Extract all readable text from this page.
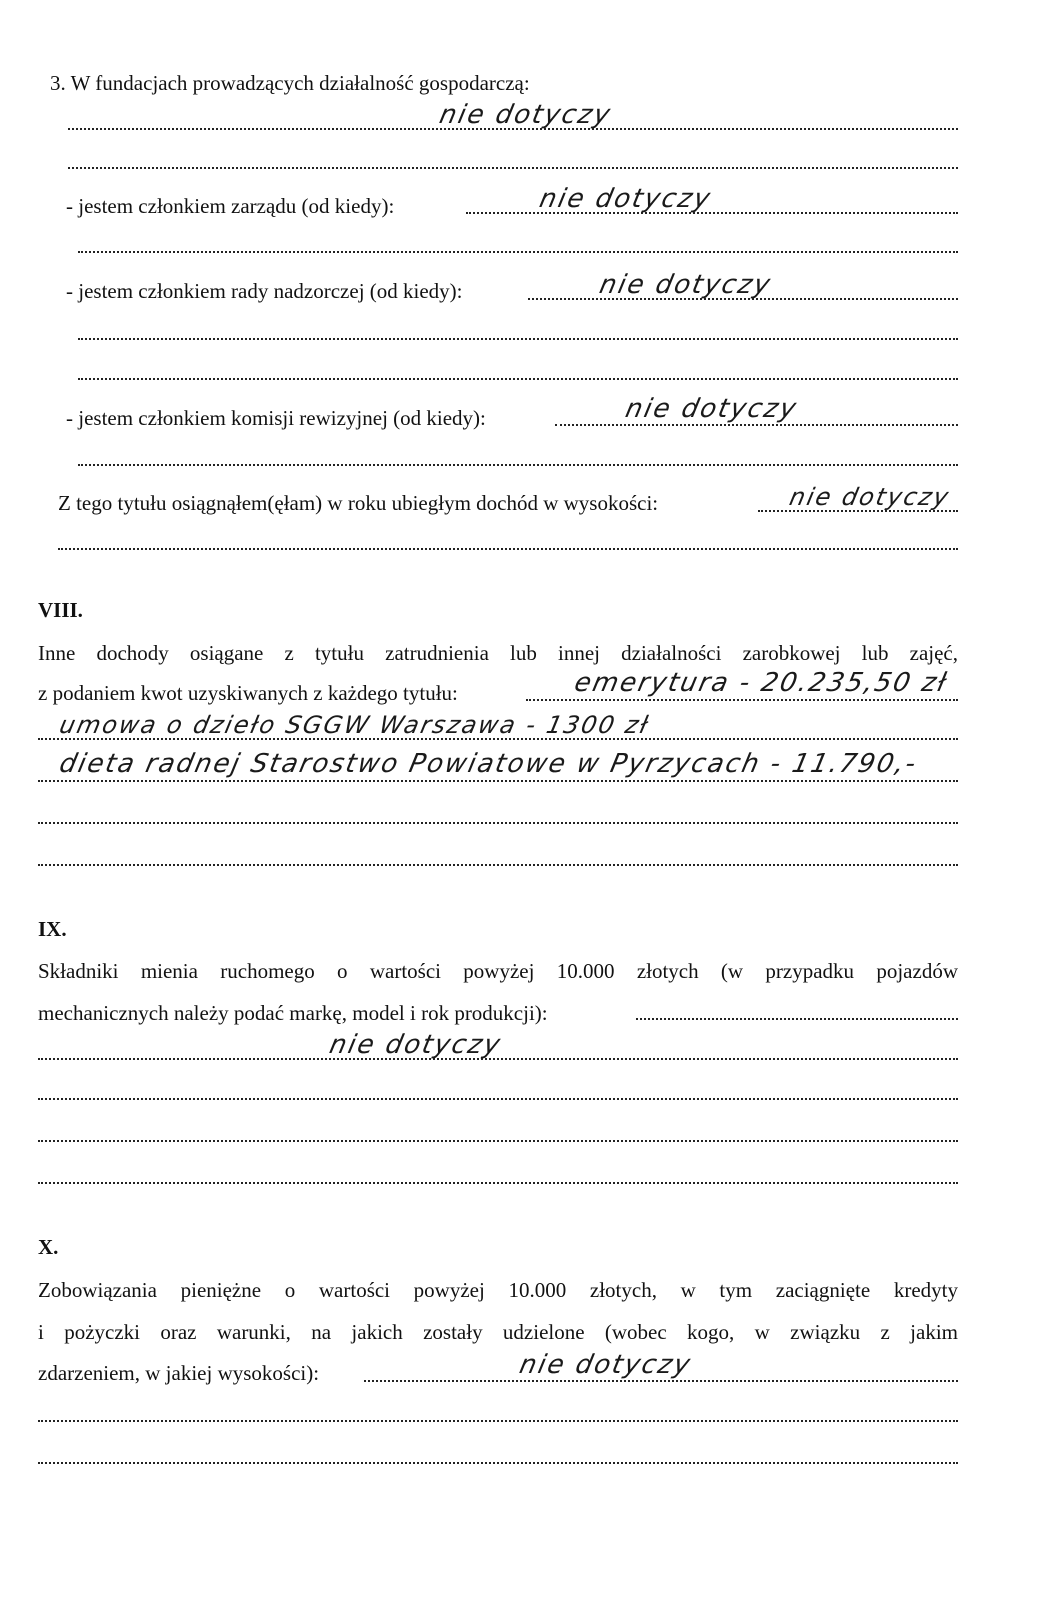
3. W fundacjach prowadzących działalność gospodarczą:
nie dotyczy
- jestem członkiem zarządu (od kiedy):	nie dotyczy
- jestem członkiem rady nadzorczej (od kiedy):	nie dotyczy
- jestem członkiem komisji rewizyjnej (od kiedy):	nie dotyczy
Z tego tytułu osiągnąłem(ęłam) w roku ubiegłym dochód w wysokości:	nie dotyczy
VIII.
Inne dochody osiągane z tytułu zatrudnienia lub innej działalności zarobkowej lub zajęć,
z podaniem kwot uzyskiwanych z każdego tytułu:	emerytura - 20.235,50 zł
umowa o dzieło SGGW Warszawa - 1300 zł
dieta radnej Starostwo Powiatowe w Pyrzycach - 11.790,-
IX.
Składniki mienia ruchomego o wartości powyżej 10.000 złotych (w przypadku pojazdów
mechanicznych należy podać markę, model i rok produkcji):
nie dotyczy
X.
Zobowiązania pieniężne o wartości powyżej 10.000 złotych, w tym zaciągnięte kredyty
i pożyczki oraz warunki, na jakich zostały udzielone (wobec kogo, w związku z jakim
zdarzeniem, w jakiej wysokości):	nie dotyczy
